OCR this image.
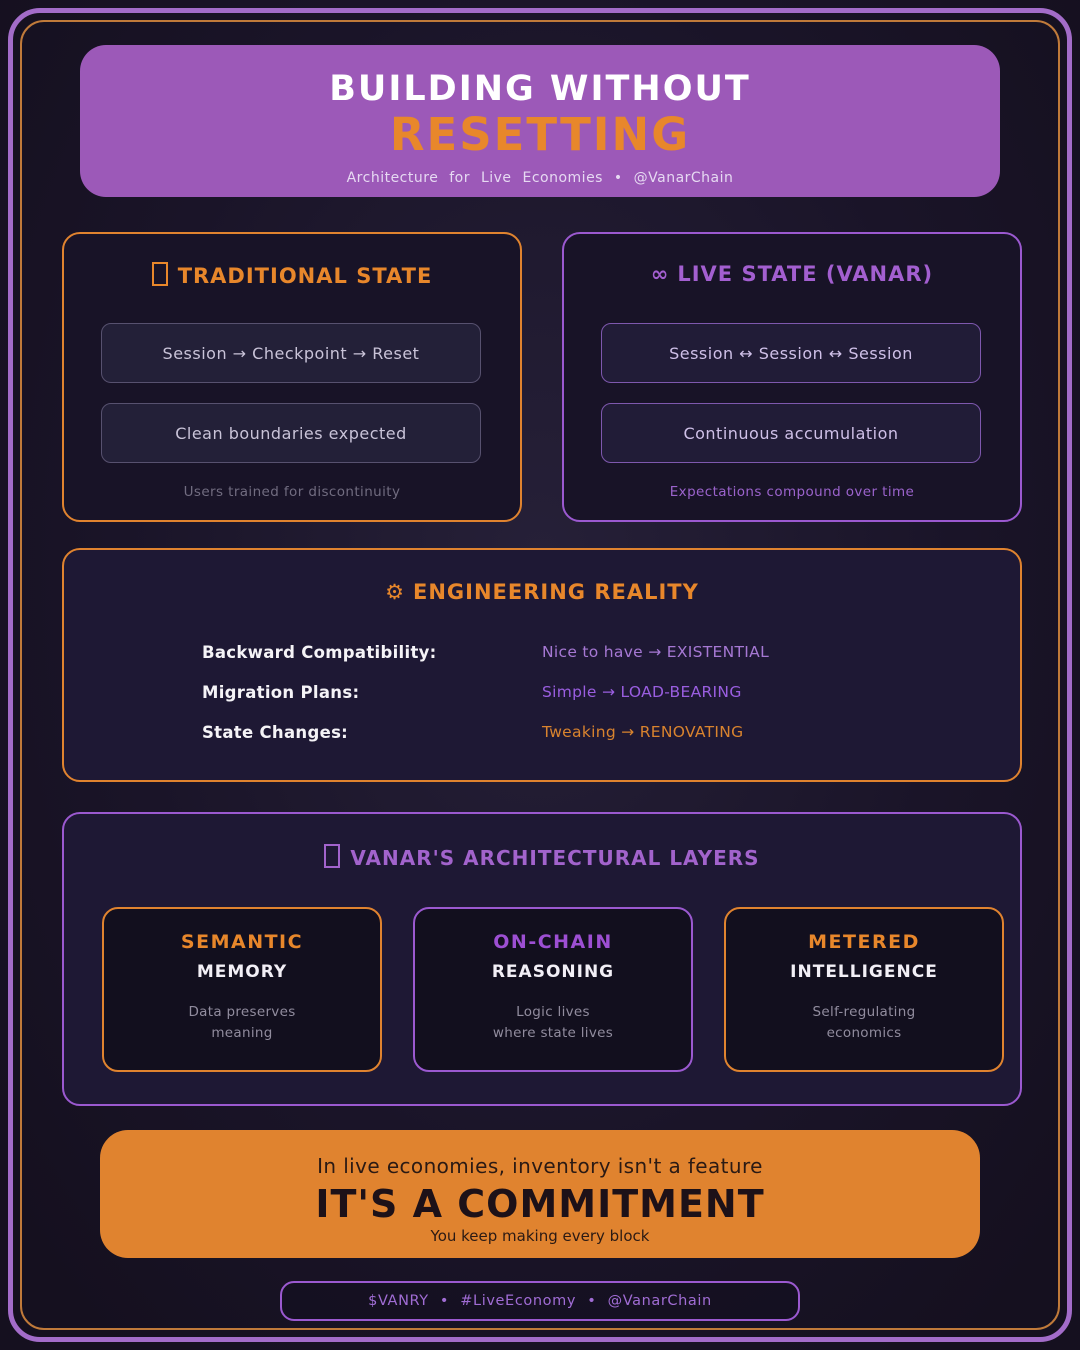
BUILDING WITHOUT
RESETTING
Architecture for Live Economies • @VanarChain
TRADITIONAL STATE
Session → Checkpoint → Reset
Clean boundaries expected
Users trained for discontinuity
∞ LIVE STATE (VANAR)
Session ↔ Session ↔ Session
Continuous accumulation
Expectations compound over time
⚙ ENGINEERING REALITY
Backward Compatibility:	Nice to have → EXISTENTIAL
Migration Plans:	Simple → LOAD-BEARING
State Changes:	Tweaking → RENOVATING
VANAR'S ARCHITECTURAL LAYERS
SEMANTIC
MEMORY
Data preserves
meaning
ON-CHAIN
REASONING
Logic lives
where state lives
METERED
INTELLIGENCE
Self-regulating
economics
In live economies, inventory isn't a feature
IT'S A COMMITMENT
You keep making every block
$VANRY • #LiveEconomy • @VanarChain
